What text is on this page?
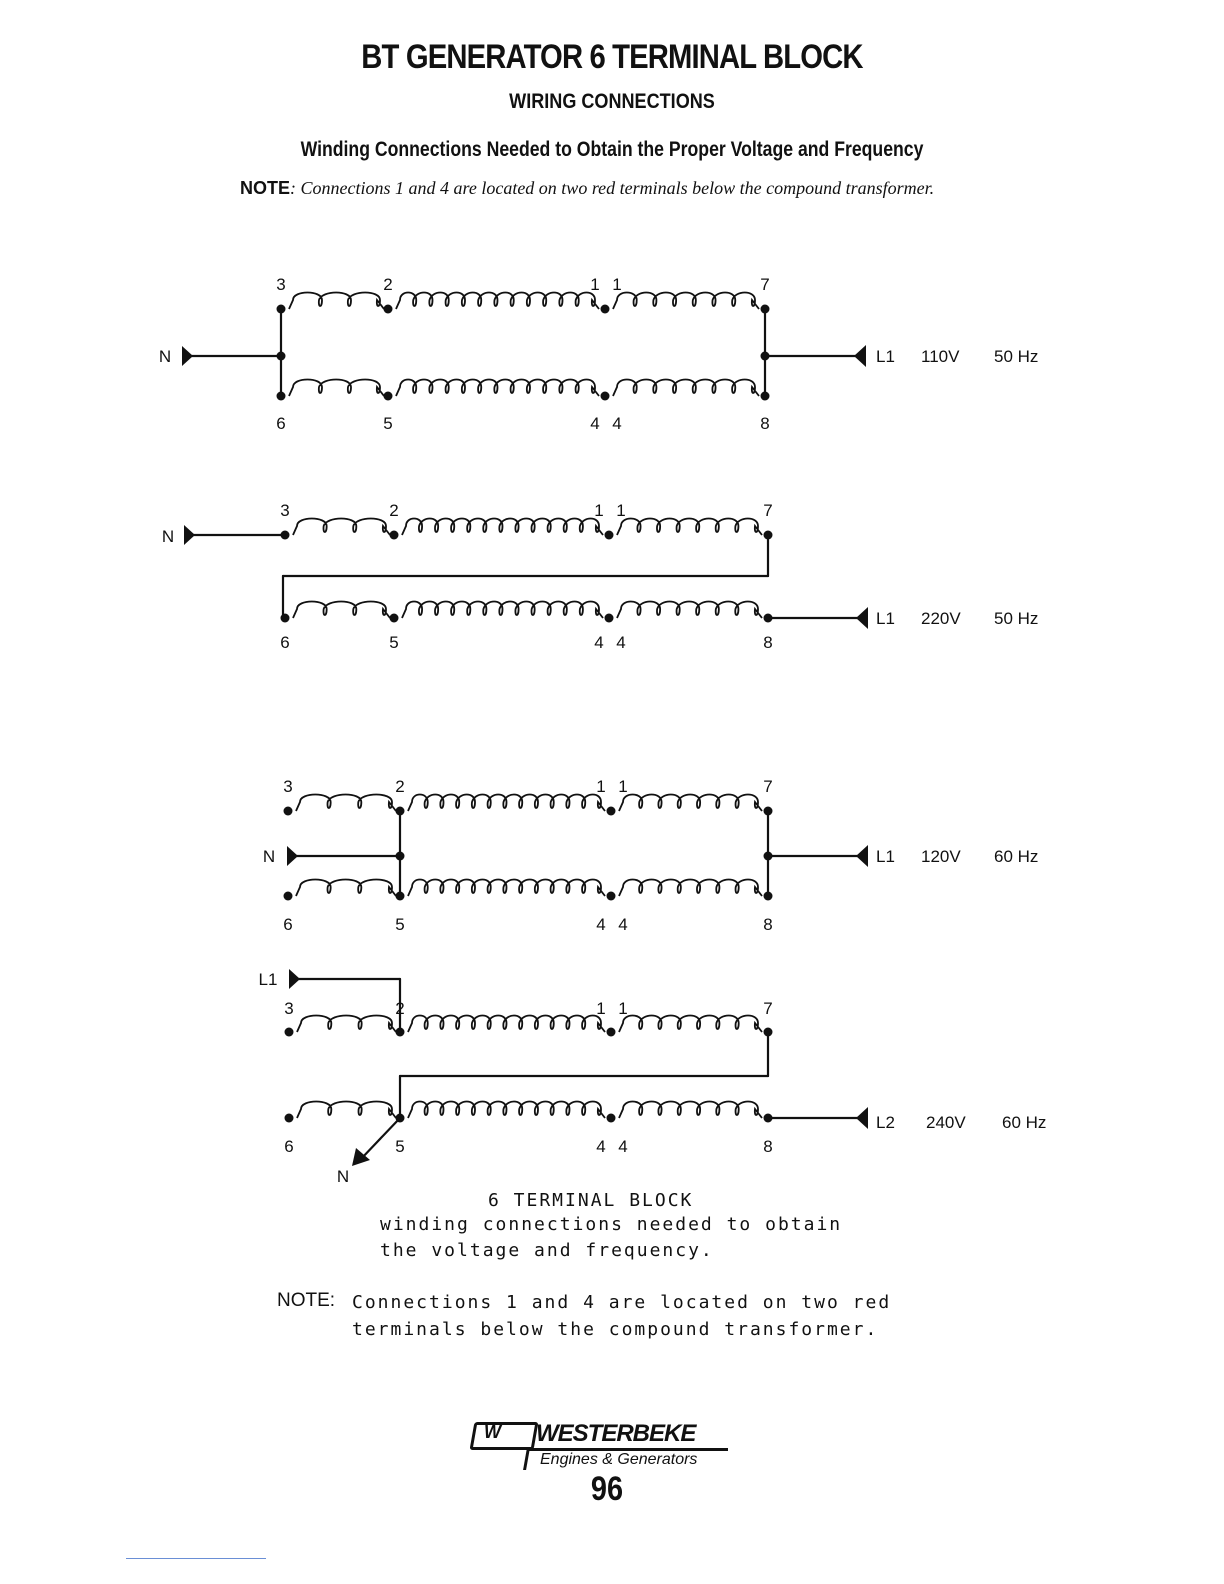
BT GENERATOR 6 TERMINAL BLOCK
WIRING CONNECTIONS
Winding Connections Needed to Obtain the Proper Voltage and Frequency
NOTE: Connections 1 and 4 are located on two red terminals below the compound transformer.
N	L1 110V 50 Hz
3	2	1 1	7
6	5	4 4	8
N
L1 220V 50 Hz
3	2	1 1	7
6	5	4 4	8
N	L1 120V 60 Hz
3	2	1 1	7
6	5	4 4	8
L1
N
L2 240V 60 Hz
3	2	1 1	7
6	5	4 4	8
6 TERMINAL BLOCK
winding connections needed to obtain
the voltage and frequency.
NOTE: Connections 1 and 4 are located on two red
terminals below the compound transformer.
W WESTERBEKE
Engines & Generators
96
